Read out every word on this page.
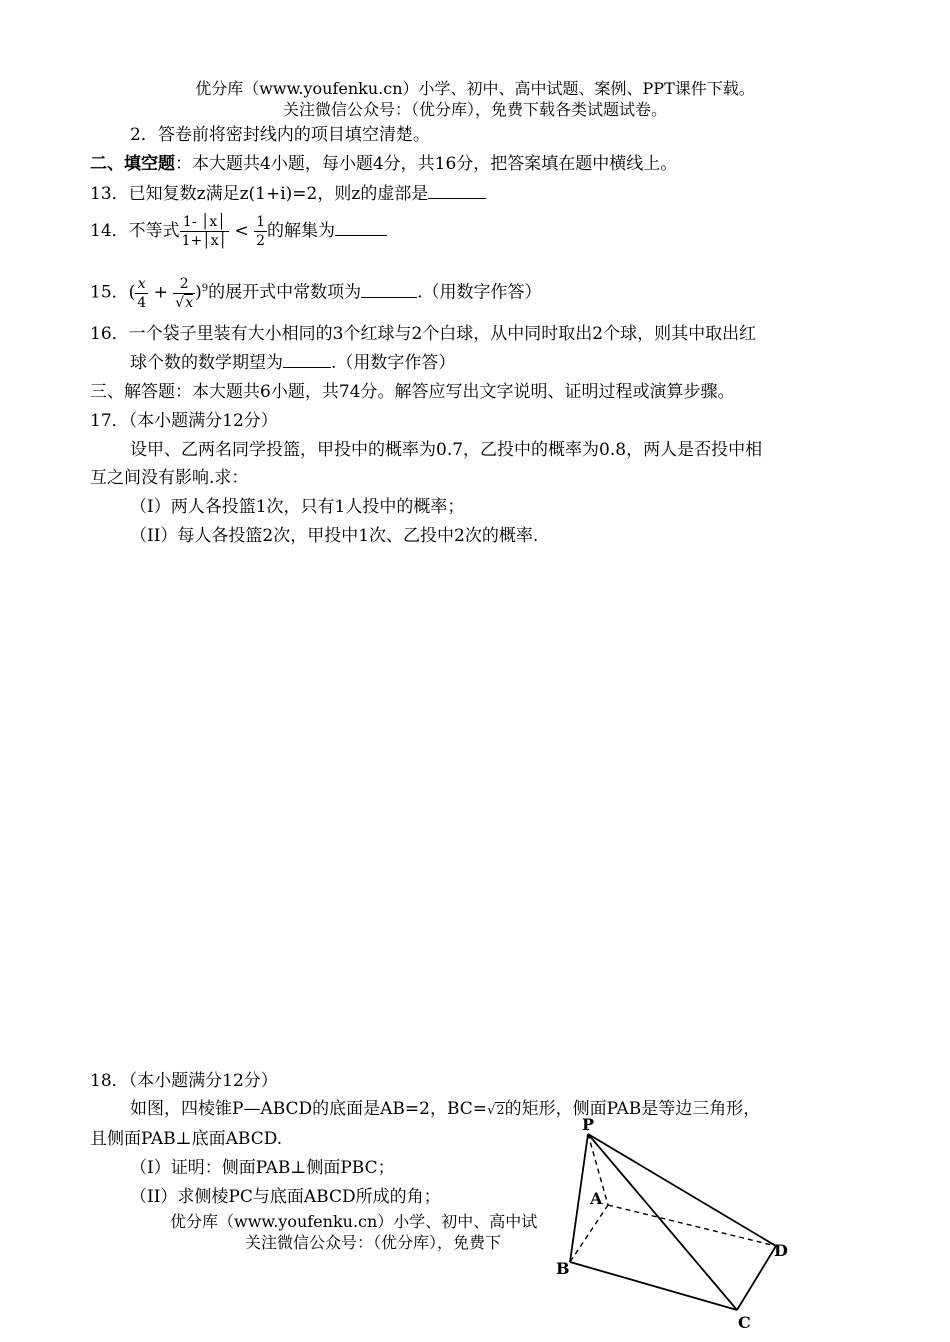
优分库（www.youfenku.cn）小学、初中、高中试题、案例、PPT课件下载。
关注微信公众号：（优分库），免费下载各类试题试卷。
2．答卷前将密封线内的项目填空清楚。
二、填空题：本大题共4小题，每小题4分，共16分，把答案填在题中横线上。
13．已知复数z满足z(1+i)=2，则z的虚部是
14．不等式 $\frac{1- │x│}{1+│x│} < \frac{1}{2}$ 的解集为
15．( $\frac{x}{4} + \frac{2}{√x} )^9$的展开式中常数项为	.（用数字作答）
16．一个袋子里装有大小相同的3个红球与2个白球，从中同时取出2个球，则其中取出红
球个数的数学期望为	.（用数字作答）
三、解答题：本大题共6小题，共74分。解答应写出文字说明、证明过程或演算步骤。
17．（本小题满分12分）
设甲、乙两名同学投篮，甲投中的概率为0.7，乙投中的概率为0.8，两人是否投中相
互之间没有影响.求：
（I）两人各投篮1次，只有1人投中的概率；
（II）每人各投篮2次，甲投中1次、乙投中2次的概率.
18．（本小题满分12分）
如图，四棱锥P—ABCD的底面是AB=2，BC=√2的矩形，侧面PAB是等边三角形，
且侧面PAB⊥底面ABCD.
（I）证明：侧面PAB⊥侧面PBC；
（II）求侧棱PC与底面ABCD所成的角；
优分库（www.youfenku.cn）小学、初中、高中试
关注微信公众号：（优分库），免费下
P
A
B
C
D
